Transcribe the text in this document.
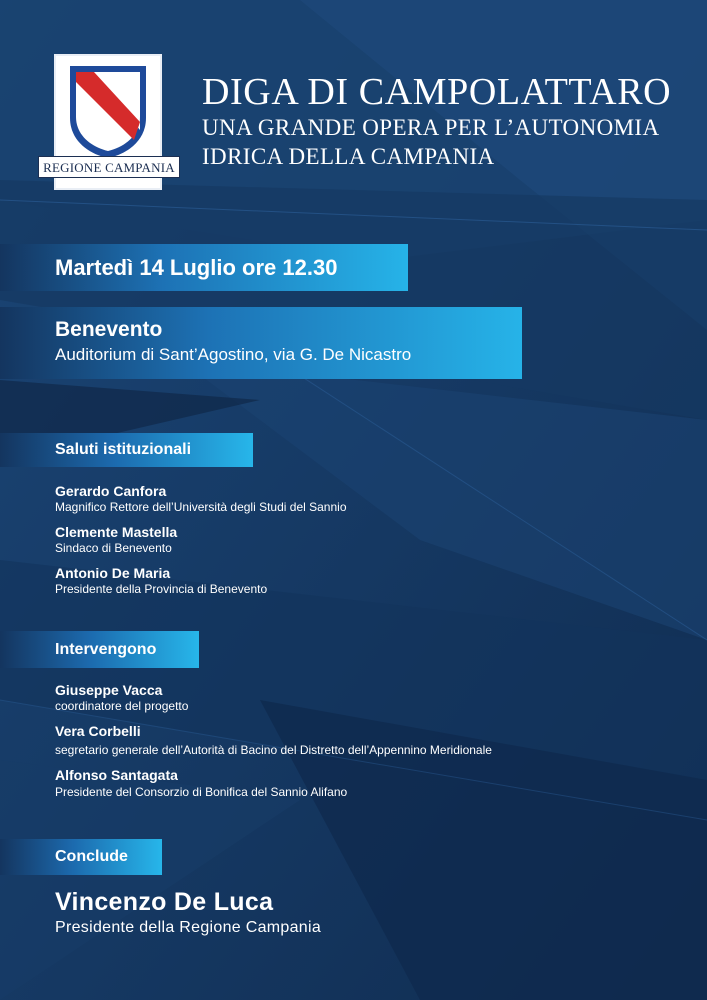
REGIONE CAMPANIA
DIGA DI CAMPOLATTARO
UNA GRANDE OPERA PER L’AUTONOMIA
IDRICA DELLA CAMPANIA
Martedì 14 Luglio ore 12.30
Benevento
Auditorium di Sant’Agostino, via G. De Nicastro
Saluti istituzionali
Gerardo Canfora
Magnifico Rettore dell’Università degli Studi del Sannio
Clemente Mastella
Sindaco di Benevento
Antonio De Maria
Presidente della Provincia di Benevento
Intervengono
Giuseppe Vacca
coordinatore del progetto
Vera Corbelli
segretario generale dell’Autorità di Bacino del Distretto dell’Appennino Meridionale
Alfonso Santagata
Presidente del Consorzio di Bonifica del Sannio Alifano
Conclude
Vincenzo De Luca
Presidente della Regione Campania
